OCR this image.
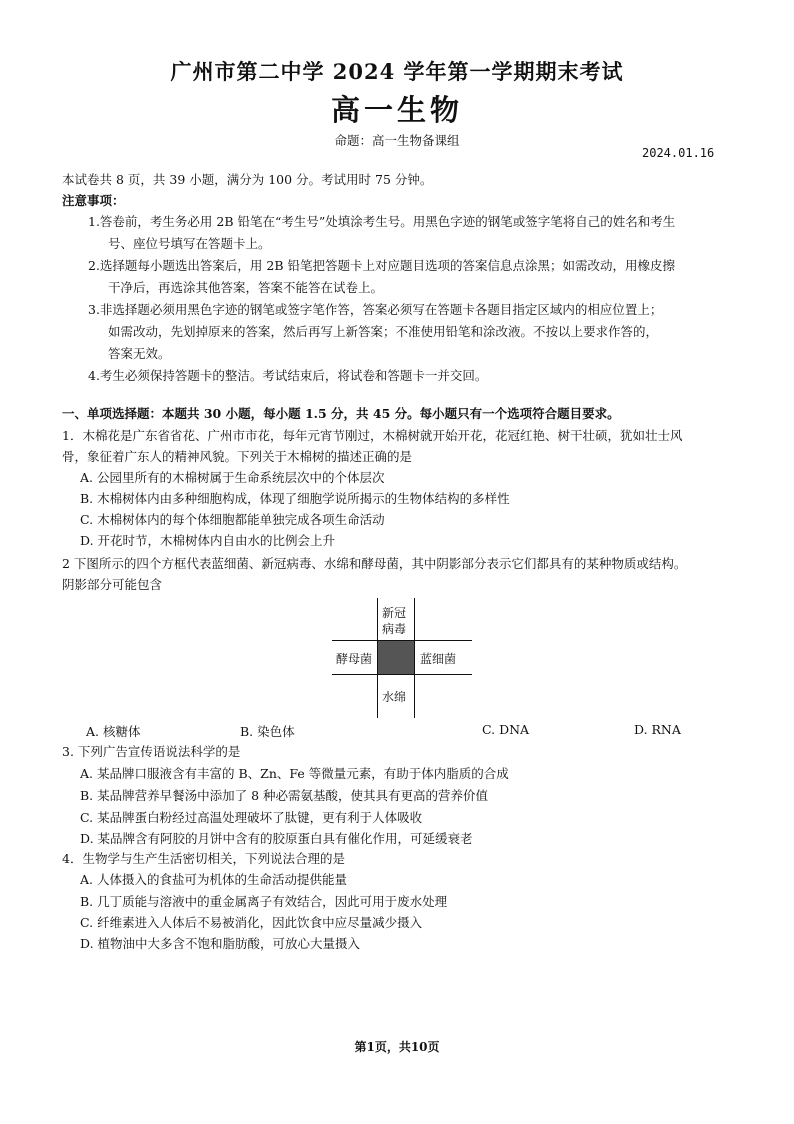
广州市第二中学 2024 学年第一学期期末考试
高一生物
命题：高一生物备课组
2024.01.16
本试卷共 8 页，共 39 小题，满分为 100 分。考试用时 75 分钟。
注意事项：
1.答卷前，考生务必用 2B 铅笔在“考生号”处填涂考生号。用黑色字迹的钢笔或签字笔将自己的姓名和考生
号、座位号填写在答题卡上。
2.选择题每小题选出答案后，用 2B 铅笔把答题卡上对应题目选项的答案信息点涂黑；如需改动，用橡皮擦
干净后，再选涂其他答案，答案不能答在试卷上。
3.非选择题必须用黑色字迹的钢笔或签字笔作答，答案必须写在答题卡各题目指定区域内的相应位置上；
如需改动，先划掉原来的答案，然后再写上新答案；不准使用铅笔和涂改液。不按以上要求作答的，
答案无效。
4.考生必须保持答题卡的整洁。考试结束后，将试卷和答题卡一并交回。
一、单项选择题：本题共 30 小题，每小题 1.5 分，共 45 分。每小题只有一个选项符合题目要求。
1．木棉花是广东省省花、广州市市花，每年元宵节刚过，木棉树就开始开花，花冠红艳、树干壮硕，犹如壮士风
骨，象征着广东人的精神风貌。下列关于木棉树的描述正确的是
A. 公园里所有的木棉树属于生命系统层次中的个体层次
B. 木棉树体内由多种细胞构成，体现了细胞学说所揭示的生物体结构的多样性
C. 木棉树体内的每个体细胞都能单独完成各项生命活动
D. 开花时节，木棉树体内自由水的比例会上升
2 下图所示的四个方框代表蓝细菌、新冠病毒、水绵和酵母菌，其中阴影部分表示它们都具有的某种物质或结构。
阴影部分可能包含
新冠
病毒
酵母菌	蓝细菌
水绵
A. 核糖体	B. 染色体	C. DNA	D. RNA
3. 下列广告宣传语说法科学的是
A. 某品牌口服液含有丰富的 B、Zn、Fe 等微量元素，有助于体内脂质的合成
B. 某品牌营养早餐汤中添加了 8 种必需氨基酸，使其具有更高的营养价值
C. 某品牌蛋白粉经过高温处理破坏了肽键，更有利于人体吸收
D. 某品牌含有阿胶的月饼中含有的胶原蛋白具有催化作用，可延缓衰老
4．生物学与生产生活密切相关，下列说法合理的是
A. 人体摄入的食盐可为机体的生命活动提供能量
B. 几丁质能与溶液中的重金属离子有效结合，因此可用于废水处理
C. 纤维素进入人体后不易被消化，因此饮食中应尽量减少摄入
D. 植物油中大多含不饱和脂肪酸，可放心大量摄入
第1页，共10页
